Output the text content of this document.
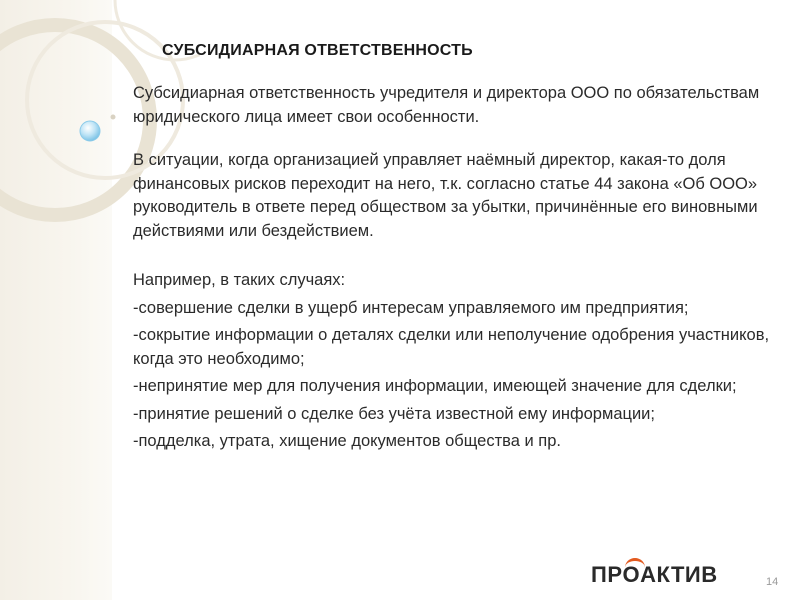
СУБСИДИАРНАЯ ОТВЕТСТВЕННОСТЬ

Субсидиарная ответственность учредителя и директора ООО по обязательствам юридического лица имеет свои особенности.

В ситуации, когда организацией управляет наёмный директор, какая-то доля финансовых рисков переходит на него, т.к. согласно статье 44 закона «Об ООО» руководитель в ответе перед обществом за убытки, причинённые его виновными действиями или бездействием.

Например, в таких случаях:

-совершение сделки в ущерб интересам управляемого им предприятия;
-сокрытие информации о деталях сделки или неполучение одобрения участников, когда это необходимо;
-непринятие мер для получения информации, имеющей значение для сделки;
-принятие решений о сделке без учёта известной ему информации;
-подделка, утрата, хищение документов общества и пр.
ПР
ОАКТИВ	14
